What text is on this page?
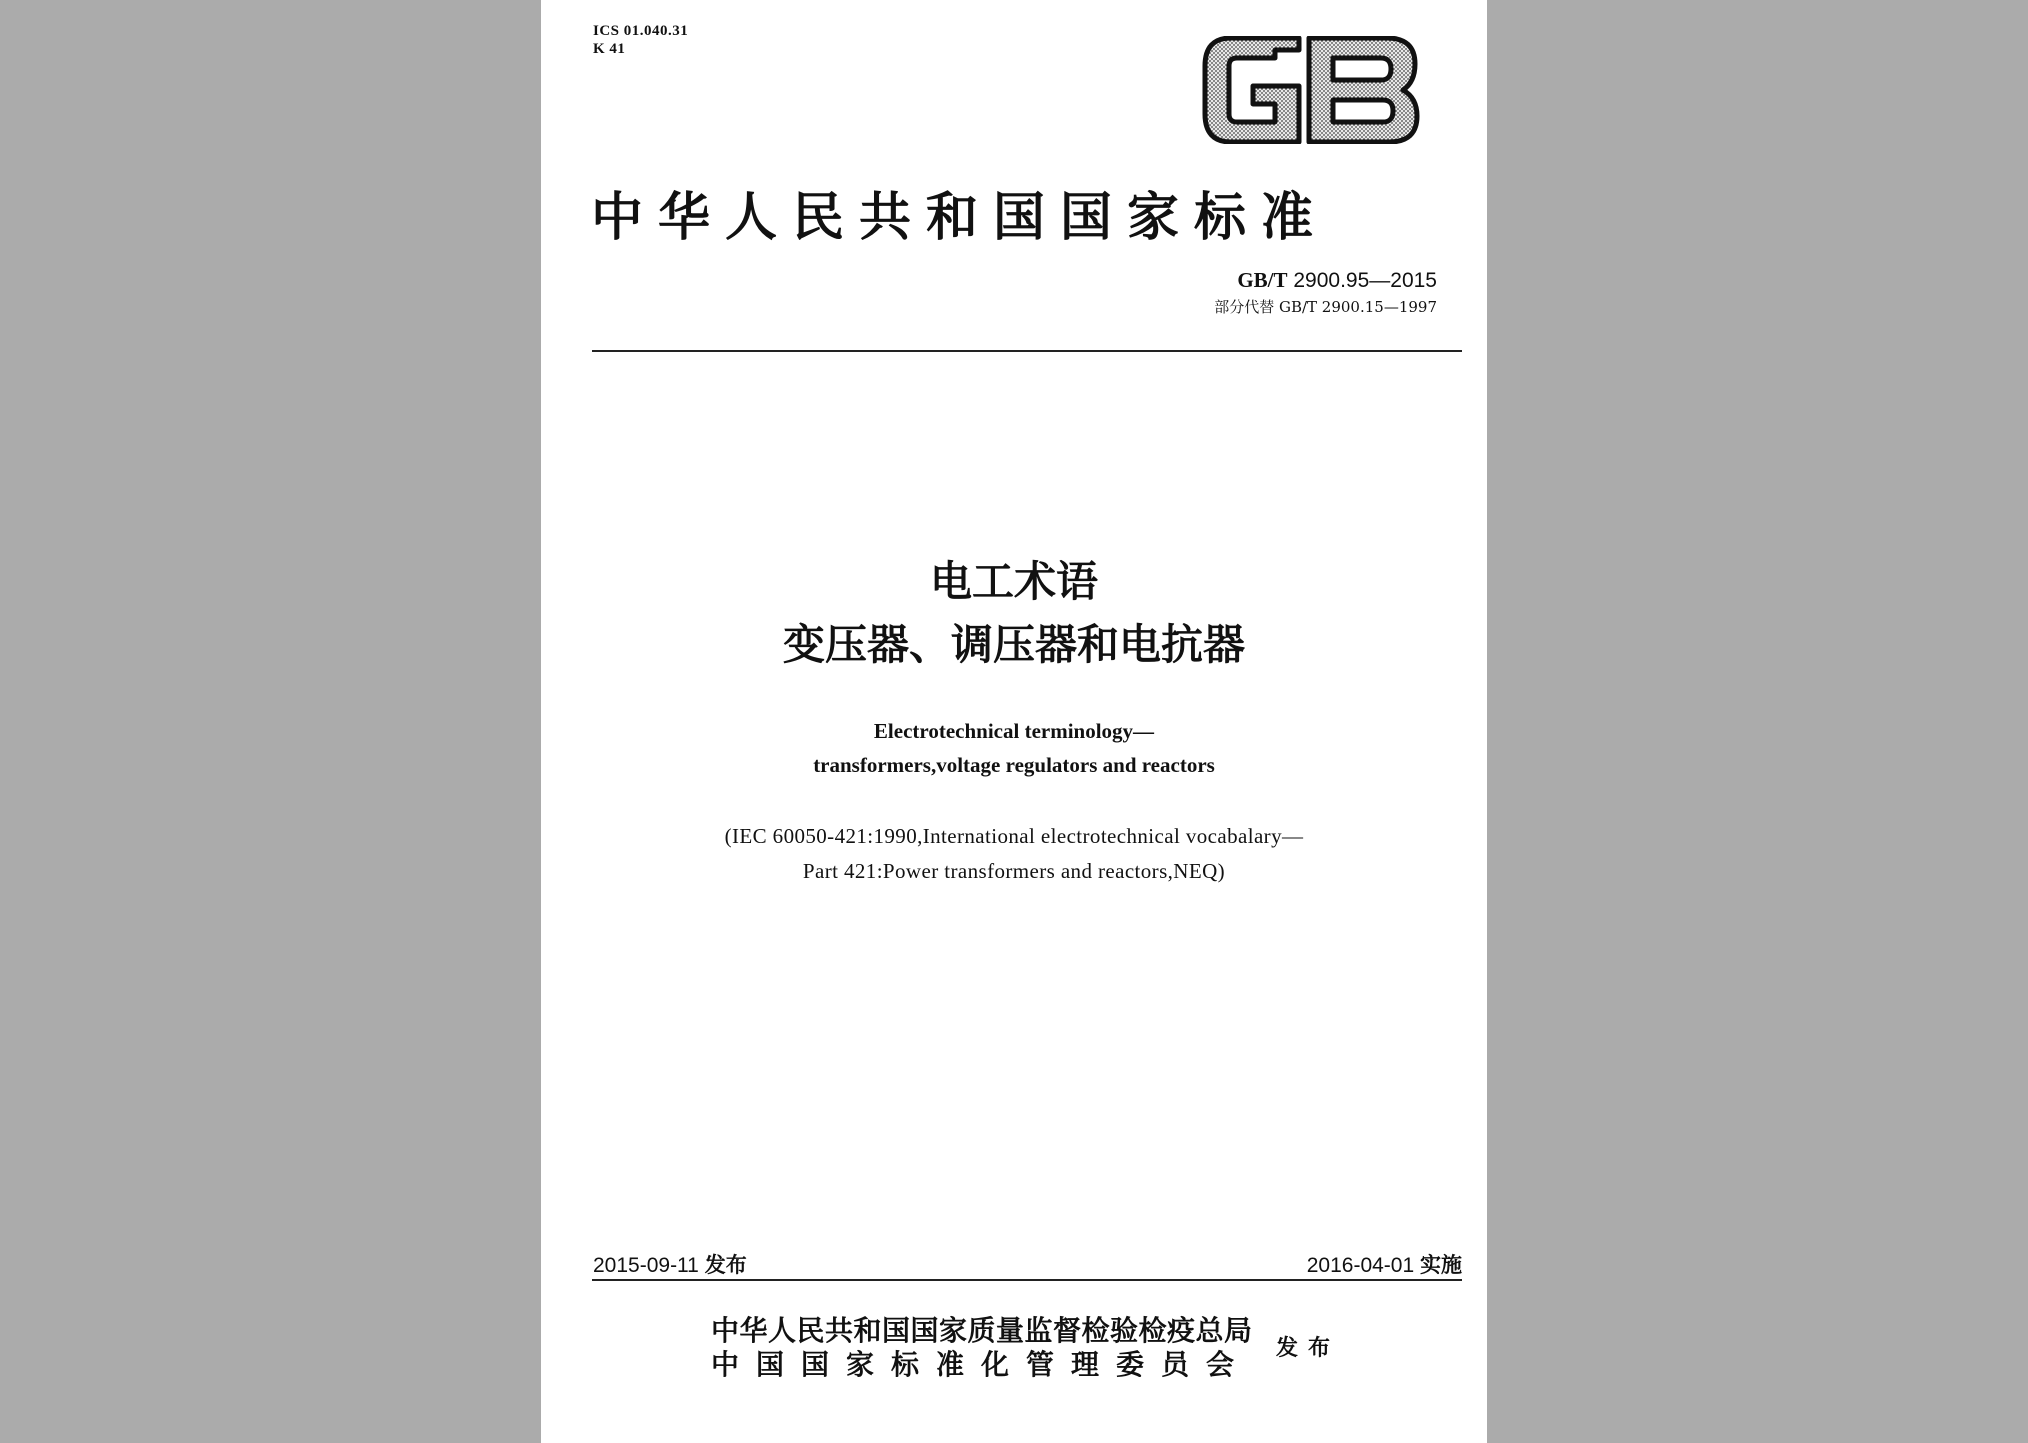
ICS 01.040.31
K 41
中华人民共和国国家标准
GB/T 2900.95—2015
部分代替 GB/T 2900.15—1997
电工术语
变压器、调压器和电抗器
Electrotechnical terminology—
transformers,voltage regulators and reactors
(IEC 60050-421:1990,International electrotechnical vocabalary—
Part 421:Power transformers and reactors,NEQ)
2015-09-11 发布	2016-04-01 实施
中华人民共和国国家质量监督检验检疫总局
中国国家标准化管理委员会	发布
